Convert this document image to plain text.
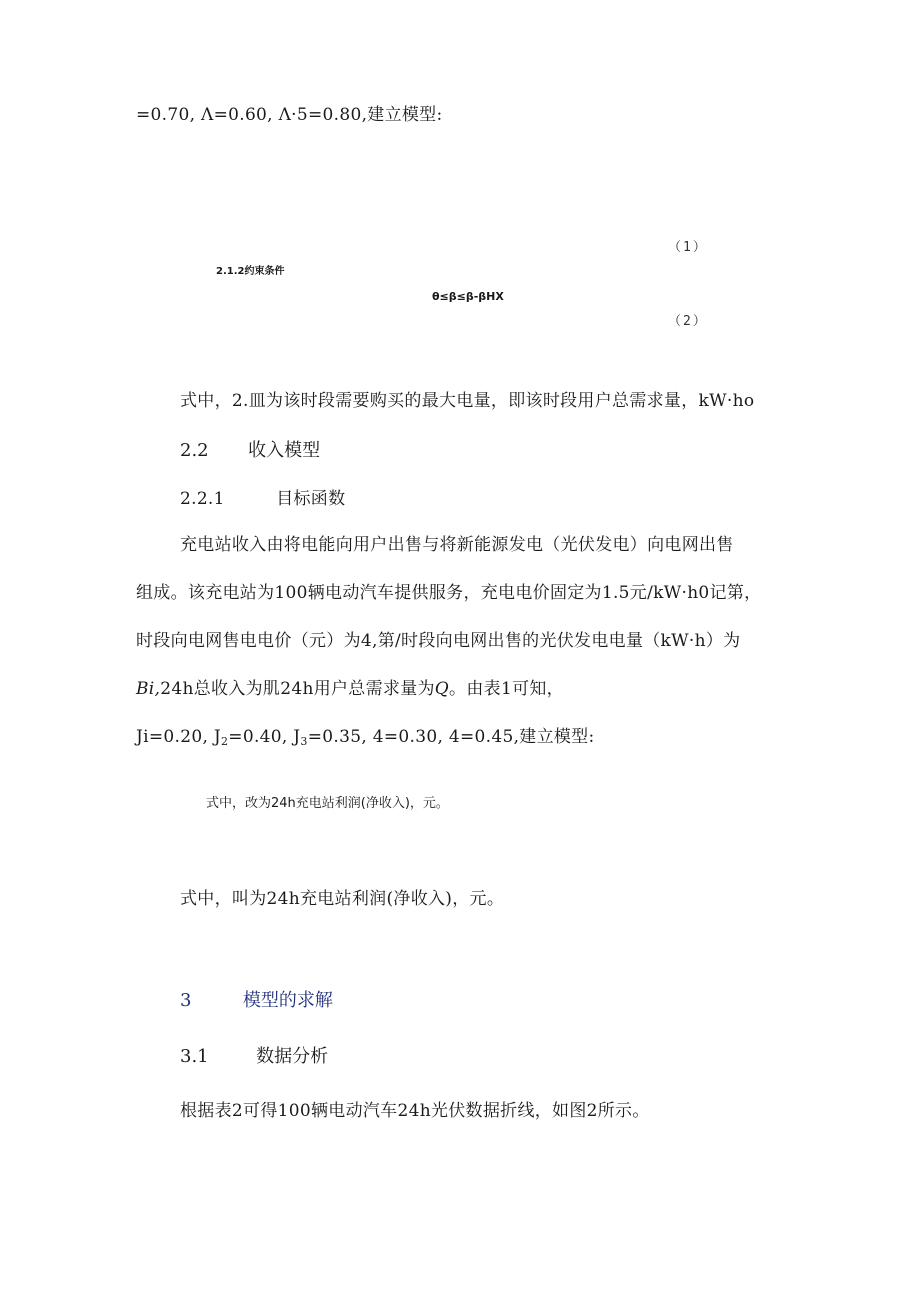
=0.70, Λ=0.60, Λ·5=0.80,建立模型:
（1）
2.1.2约束条件
θ≤β≤β-βHX
（2）
式中，2.皿为该时段需要购买的最大电量，即该时段用户总需求量，kW·ho
2.2 收入模型
2.2.1	目标函数
充电站收入由将电能向用户出售与将新能源发电（光伏发电）向电网出售
组成。该充电站为100辆电动汽车提供服务，充电电价固定为1.5元/kW·h0记第，
时段向电网售电电价（元）为4,第/时段向电网出售的光伏发电电量（kW·h）为
Bi,24h总收入为肌24h用户总需求量为Q。由表1可知，
Ji=0.20, $J_2=0.40$, $J_3=0.35$, 4=0.30, 4=0.45,建立模型:
式中，改为24h充电站利润(净收入)，元。
式中，叫为24h充电站利润(净收入)，元。
3	模型的求解
3.1	数据分析
根据表2可得100辆电动汽车24h光伏数据折线，如图2所示。
